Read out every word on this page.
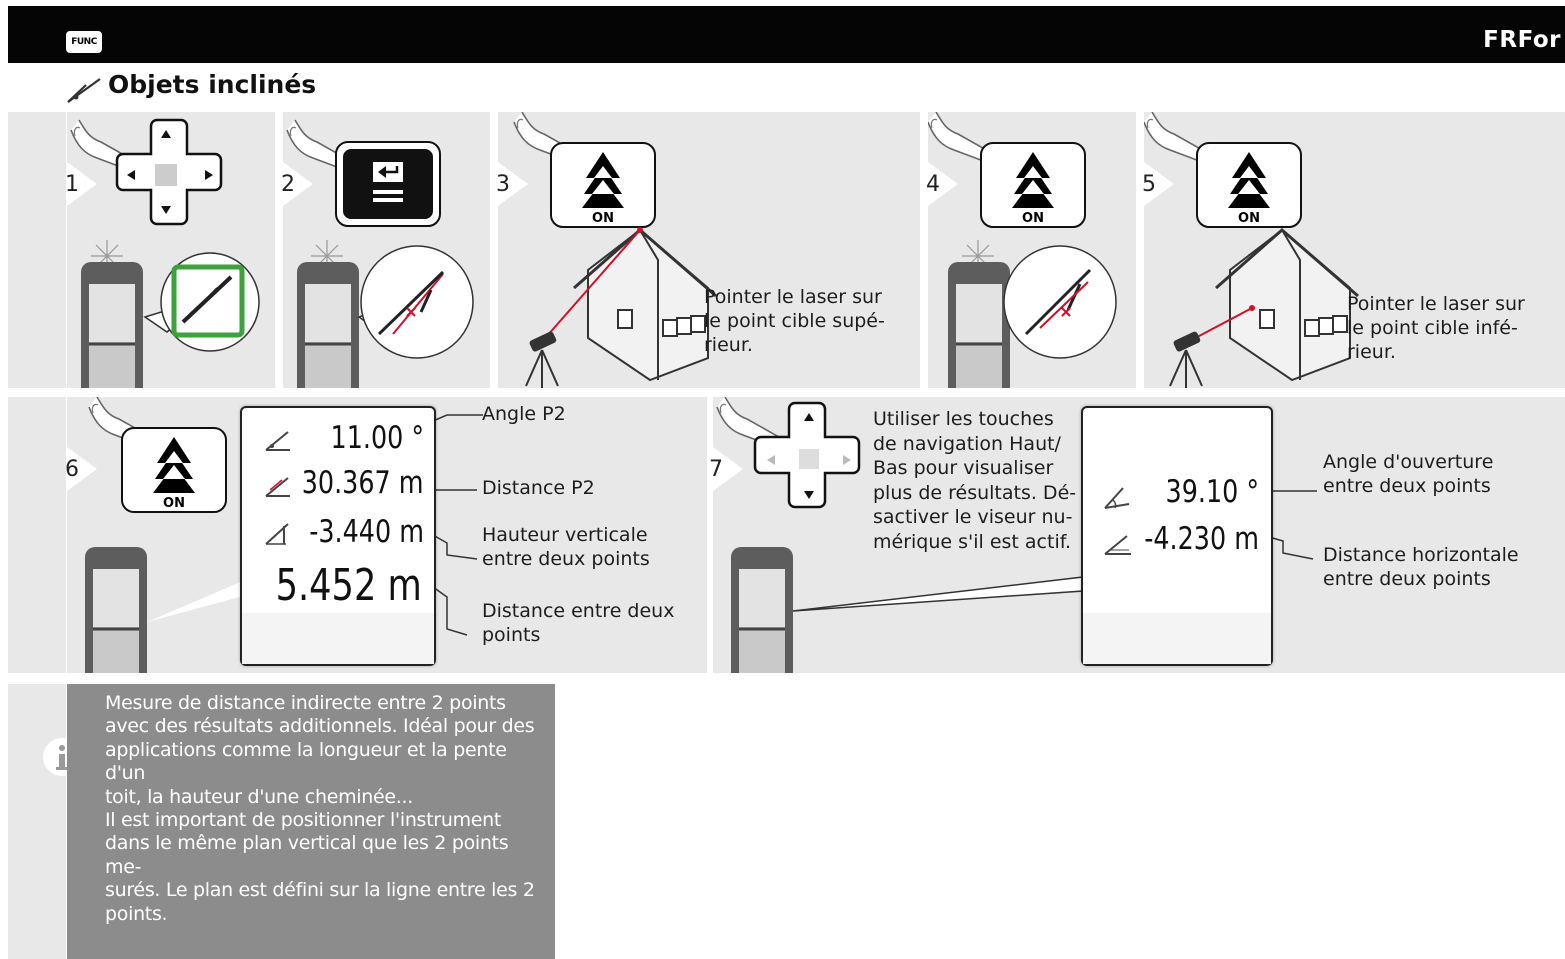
FUNC	FRFor
Objets inclinés
1	2
ON
3
Pointer le laser sur
le point cible supé-
rieur.
ON
4
ON
5
Pointer le laser sur
le point cible infé-
rieur.
ON
6
11.00 °
30.367 m
-3.440 m
5.452 m
Angle P2
Distance P2
Hauteur verticale
entre deux points
Distance entre deux
points
7
Utiliser les touches
de navigation Haut/
Bas pour visualiser
plus de résultats. Dé-
sactiver le viseur nu-
mérique s'il est actif.
39.10 °
-4.230 m
Angle d'ouverture
entre deux points
Distance horizontale
entre deux points
Mesure de distance indirecte entre 2 points
avec des résultats additionnels. Idéal pour des
applications comme la longueur et la pente d'un
toit, la hauteur d'une cheminée...
Il est important de positionner l'instrument
dans le même plan vertical que les 2 points me-
surés. Le plan est défini sur la ligne entre les 2
points.
